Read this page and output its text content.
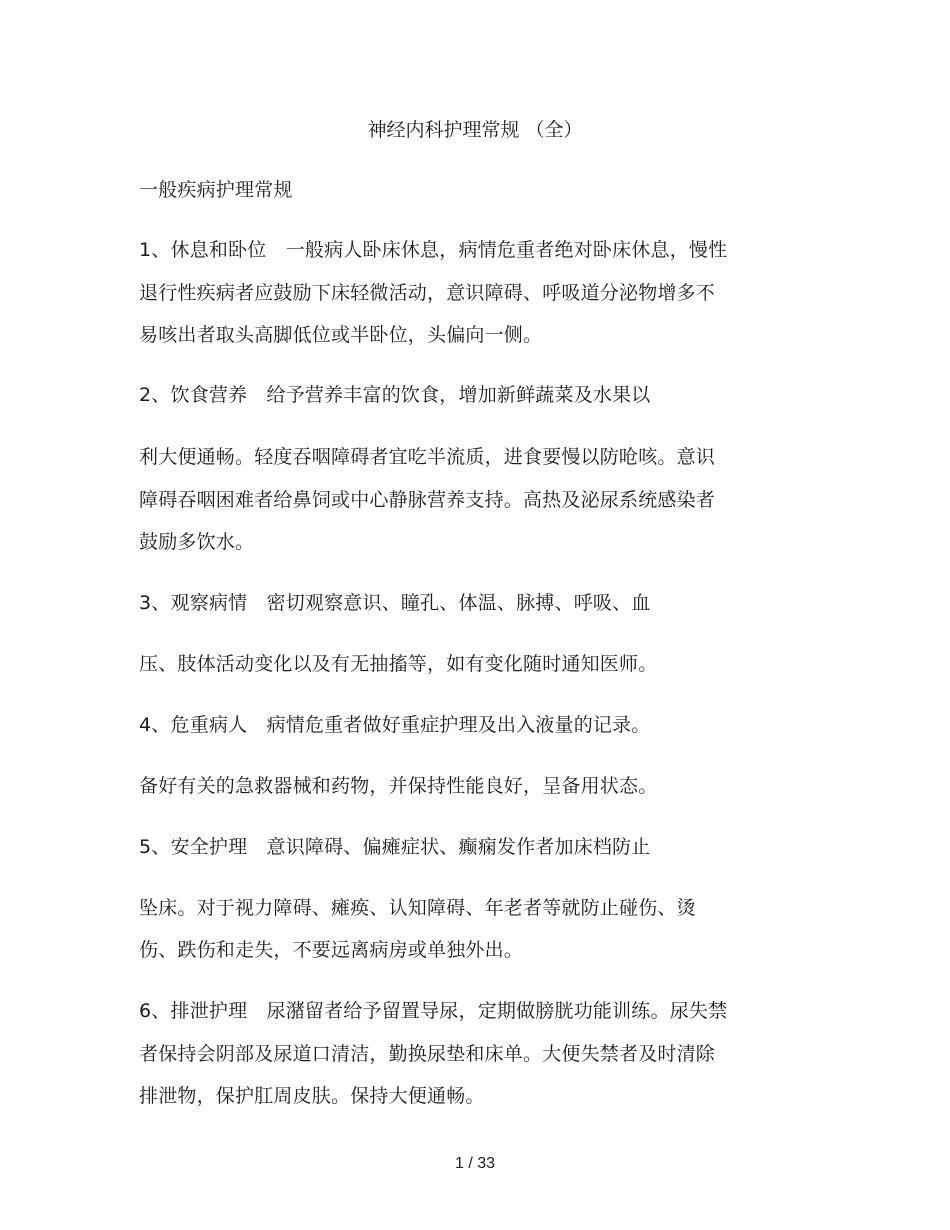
神经内科护理常规 （全）
一般疾病护理常规
1、休息和卧位　一般病人卧床休息，病情危重者绝对卧床休息，慢性
退行性疾病者应鼓励下床轻微活动，意识障碍、呼吸道分泌物增多不
易咳出者取头高脚低位或半卧位，头偏向一侧。
2、饮食营养　给予营养丰富的饮食，增加新鲜蔬菜及水果以
利大便通畅。轻度吞咽障碍者宜吃半流质，进食要慢以防呛咳。意识
障碍吞咽困难者给鼻饲或中心静脉营养支持。高热及泌尿系统感染者
鼓励多饮水。
3、观察病情　密切观察意识、瞳孔、体温、脉搏、呼吸、血
压、肢体活动变化以及有无抽搐等，如有变化随时通知医师。
4、危重病人　病情危重者做好重症护理及出入液量的记录。
备好有关的急救器械和药物，并保持性能良好，呈备用状态。
5、安全护理　意识障碍、偏瘫症状、癫痫发作者加床档防止
坠床。对于视力障碍、瘫痪、认知障碍、年老者等就防止碰伤、烫
伤、跌伤和走失，不要远离病房或单独外出。
6、排泄护理　尿潴留者给予留置导尿，定期做膀胱功能训练。尿失禁
者保持会阴部及尿道口清洁，勤换尿垫和床单。大便失禁者及时清除
排泄物，保护肛周皮肤。保持大便通畅。
1 / 33
